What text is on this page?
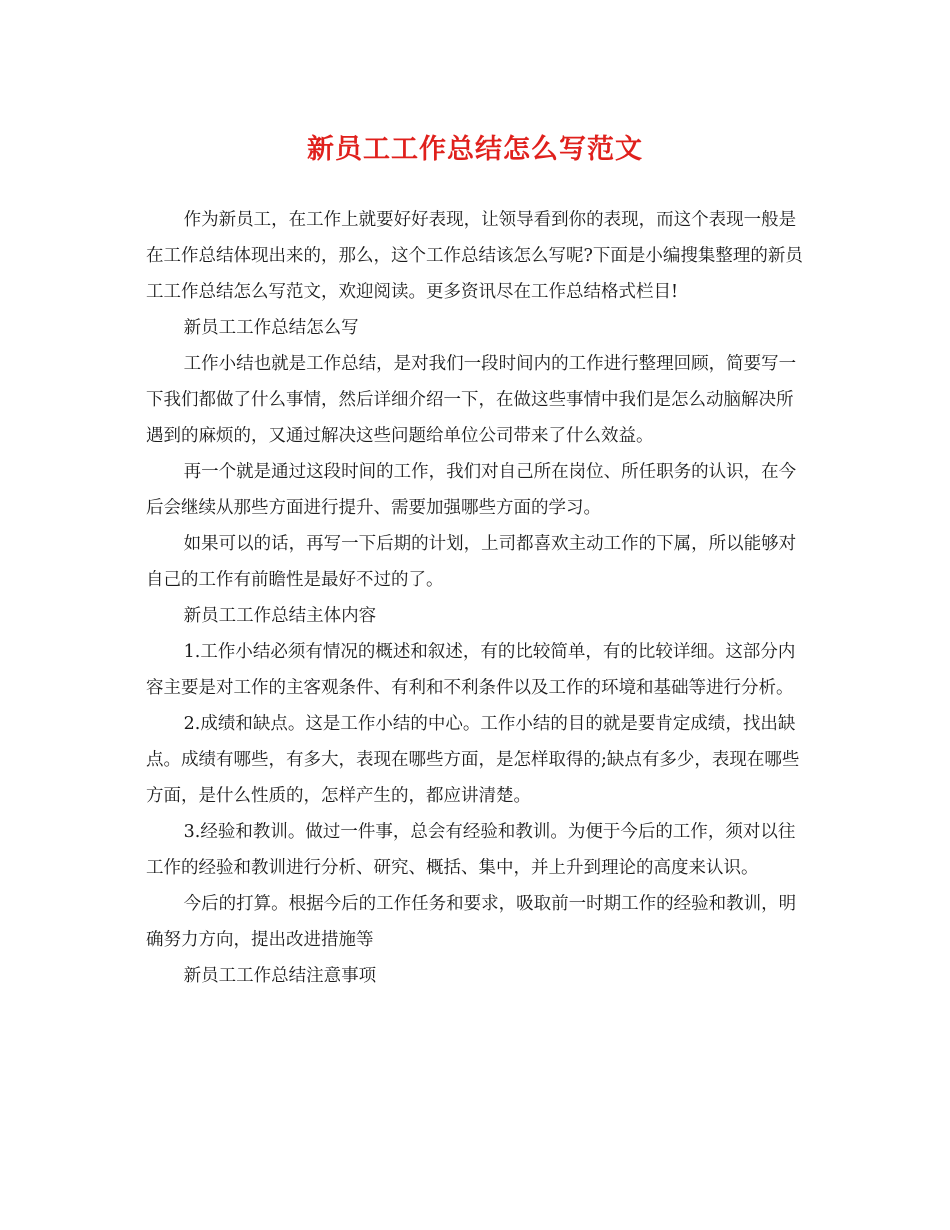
新员工工作总结怎么写范文

作为新员工，在工作上就要好好表现，让领导看到你的表现，而这个表现一般是在工作总结体现出来的，那么，这个工作总结该怎么写呢?下面是小编搜集整理的新员工工作总结怎么写范文，欢迎阅读。更多资讯尽在工作总结格式栏目!

新员工工作总结怎么写

工作小结也就是工作总结，是对我们一段时间内的工作进行整理回顾，简要写一下我们都做了什么事情，然后详细介绍一下，在做这些事情中我们是怎么动脑解决所遇到的麻烦的，又通过解决这些问题给单位公司带来了什么效益。

再一个就是通过这段时间的工作，我们对自己所在岗位、所任职务的认识，在今后会继续从那些方面进行提升、需要加强哪些方面的学习。

如果可以的话，再写一下后期的计划，上司都喜欢主动工作的下属，所以能够对自己的工作有前瞻性是最好不过的了。

新员工工作总结主体内容

1.工作小结必须有情况的概述和叙述，有的比较简单，有的比较详细。这部分内容主要是对工作的主客观条件、有利和不利条件以及工作的环境和基础等进行分析。

2.成绩和缺点。这是工作小结的中心。工作小结的目的就是要肯定成绩，找出缺点。成绩有哪些，有多大，表现在哪些方面，是怎样取得的;缺点有多少，表现在哪些方面，是什么性质的，怎样产生的，都应讲清楚。

3.经验和教训。做过一件事，总会有经验和教训。为便于今后的工作，须对以往工作的经验和教训进行分析、研究、概括、集中，并上升到理论的高度来认识。

今后的打算。根据今后的工作任务和要求，吸取前一时期工作的经验和教训，明确努力方向，提出改进措施等

新员工工作总结注意事项
